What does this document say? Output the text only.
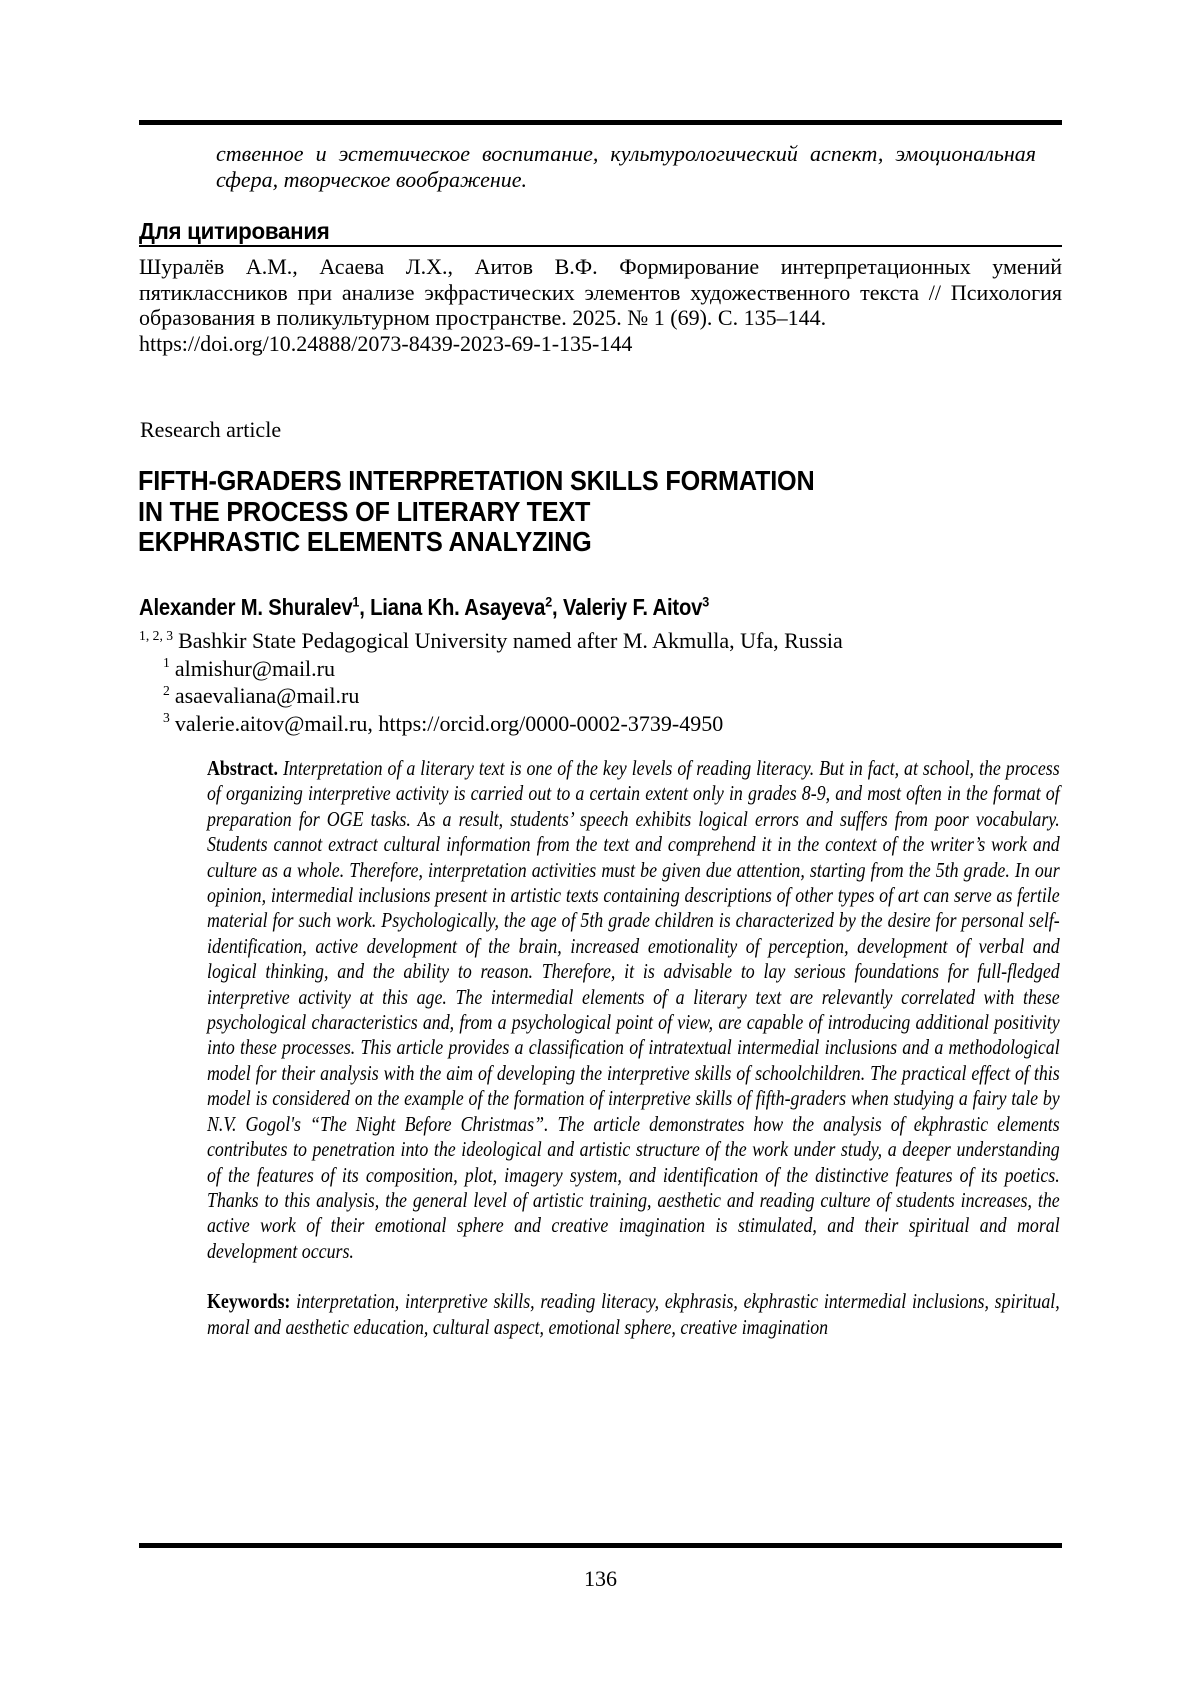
ственное и эстетическое воспитание, культурологический аспект, эмоциональная сфера, творческое воображение.

Для цитирования

Шуралёв А.М., Асаева Л.Х., Аитов В.Ф. Формирование интерпретационных умений пятиклассников при анализе экфрастических элементов художественного текста // Психология образования в поликультурном пространстве. 2025. № 1 (69). С. 135–144.
https://doi.org/10.24888/2073-8439-2023-69-1-135-144

Research article

FIFTH-GRADERS INTERPRETATION SKILLS FORMATION
IN THE PROCESS OF LITERARY TEXT
EKPHRASTIC ELEMENTS ANALYZING
Alexander M. Shuralev$^1$, Liana Kh. Asayeva$^2$, Valeriy F. Aitov$^3$
$^{1, 2, 3}$ Bashkir State Pedagogical University named after M. Akmulla, Ufa, Russia
$^1$ almishur@mail.ru
$^2$ asaevaliana@mail.ru
$^3$ valerie.aitov@mail.ru, https://orcid.org/0000-0002-3739-4950

Abstract. Interpretation of a literary text is one of the key levels of reading literacy. But in fact, at school, the process of organizing interpretive activity is carried out to a certain extent only in grades 8-9, and most often in the format of preparation for OGE tasks. As a result, students’ speech exhibits logical errors and suffers from poor vocabulary. Students cannot extract cultural information from the text and comprehend it in the context of the writer’s work and culture as a whole. Therefore, interpretation activities must be given due attention, starting from the 5th grade. In our opinion, intermedial inclusions present in artistic texts containing descriptions of other types of art can serve as fertile material for such work. Psychologically, the age of 5th grade children is characterized by the desire for personal self-identification, active development of the brain, increased emotionality of perception, development of verbal and logical thinking, and the ability to reason. Therefore, it is advisable to lay serious foundations for full-fledged interpretive activity at this age. The intermedial elements of a literary text are relevantly correlated with these psychological characteristics and, from a psychological point of view, are capable of introducing additional positivity into these processes. This article provides a classification of intratextual intermedial inclusions and a methodological model for their analysis with the aim of developing the interpretive skills of schoolchildren. The practical effect of this model is considered on the example of the formation of interpretive skills of fifth-graders when studying a fairy tale by N.V. Gogol's “The Night Before Christmas”. The article demonstrates how the analysis of ekphrastic elements contributes to penetration into the ideological and artistic structure of the work under study, a deeper understanding of the features of its composition, plot, imagery system, and identification of the distinctive features of its poetics. Thanks to this analysis, the general level of artistic training, aesthetic and reading culture of students increases, the active work of their emotional sphere and creative imagination is stimulated, and their spiritual and moral development occurs.

Keywords: interpretation, interpretive skills, reading literacy, ekphrasis, ekphrastic intermedial inclusions, spiritual, moral and aesthetic education, cultural aspect, emotional sphere, creative imagination

136
